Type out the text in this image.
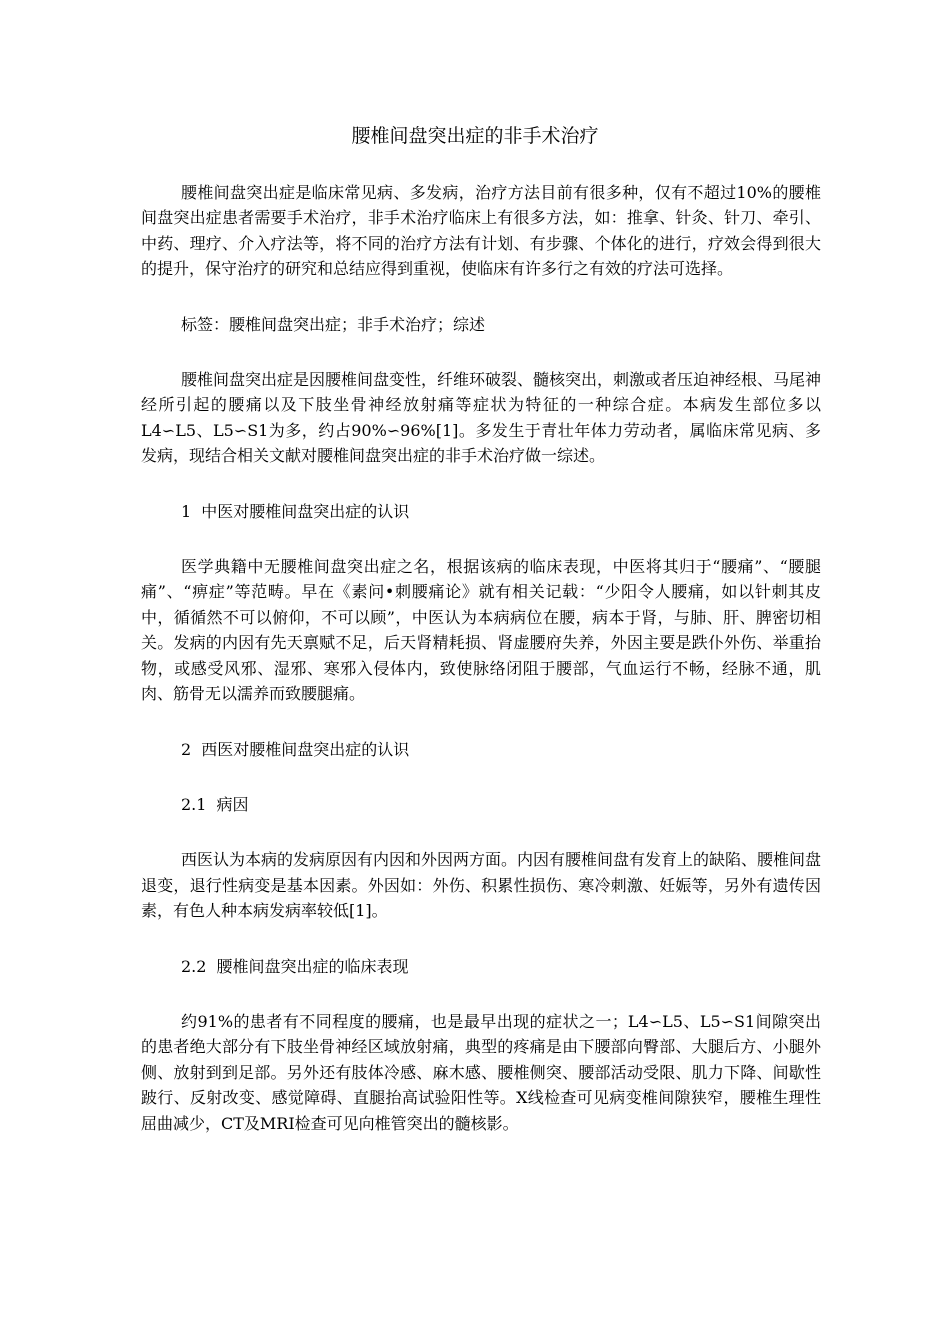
腰椎间盘突出症的非手术治疗

腰椎间盘突出症是临床常见病、多发病，治疗方法目前有很多种，仅有不超过10%的腰椎间盘突出症患者需要手术治疗，非手术治疗临床上有很多方法，如：推拿、针灸、针刀、牵引、中药、理疗、介入疗法等，将不同的治疗方法有计划、有步骤、个体化的进行，疗效会得到很大的提升，保守治疗的研究和总结应得到重视，使临床有许多行之有效的疗法可选择。

标签：腰椎间盘突出症；非手术治疗；综述

腰椎间盘突出症是因腰椎间盘变性，纤维环破裂、髓核突出，刺激或者压迫神经根、马尾神经所引起的腰痛以及下肢坐骨神经放射痛等症状为特征的一种综合症。本病发生部位多以L4∽L5、L5∽S1为多，约占90%∽96%[1]。多发生于青壮年体力劳动者，属临床常见病、多发病，现结合相关文献对腰椎间盘突出症的非手术治疗做一综述。

1 中医对腰椎间盘突出症的认识

医学典籍中无腰椎间盘突出症之名，根据该病的临床表现，中医将其归于“腰痛”、“腰腿痛”、“痹症”等范畴。早在《素问•刺腰痛论》就有相关记载：“少阳令人腰痛，如以针刺其皮中，循循然不可以俯仰，不可以顾”，中医认为本病病位在腰，病本于肾，与肺、肝、脾密切相关。发病的内因有先天禀赋不足，后天肾精耗损、肾虚腰府失养，外因主要是跌仆外伤、举重抬物，或感受风邪、湿邪、寒邪入侵体内，致使脉络闭阻于腰部，气血运行不畅，经脉不通，肌肉、筋骨无以濡养而致腰腿痛。

2 西医对腰椎间盘突出症的认识

2.1 病因

西医认为本病的发病原因有内因和外因两方面。内因有腰椎间盘有发育上的缺陷、腰椎间盘退变，退行性病变是基本因素。外因如：外伤、积累性损伤、寒冷刺激、妊娠等，另外有遗传因素，有色人种本病发病率较低[1]。

2.2 腰椎间盘突出症的临床表现

约91%的患者有不同程度的腰痛，也是最早出现的症状之一；L4∽L5、L5∽S1间隙突出的患者绝大部分有下肢坐骨神经区域放射痛，典型的疼痛是由下腰部向臀部、大腿后方、小腿外侧、放射到到足部。另外还有肢体冷感、麻木感、腰椎侧突、腰部活动受限、肌力下降、间歇性跛行、反射改变、感觉障碍、直腿抬高试验阳性等。X线检查可见病变椎间隙狭窄，腰椎生理性屈曲减少，CT及MRI检查可见向椎管突出的髓核影。
